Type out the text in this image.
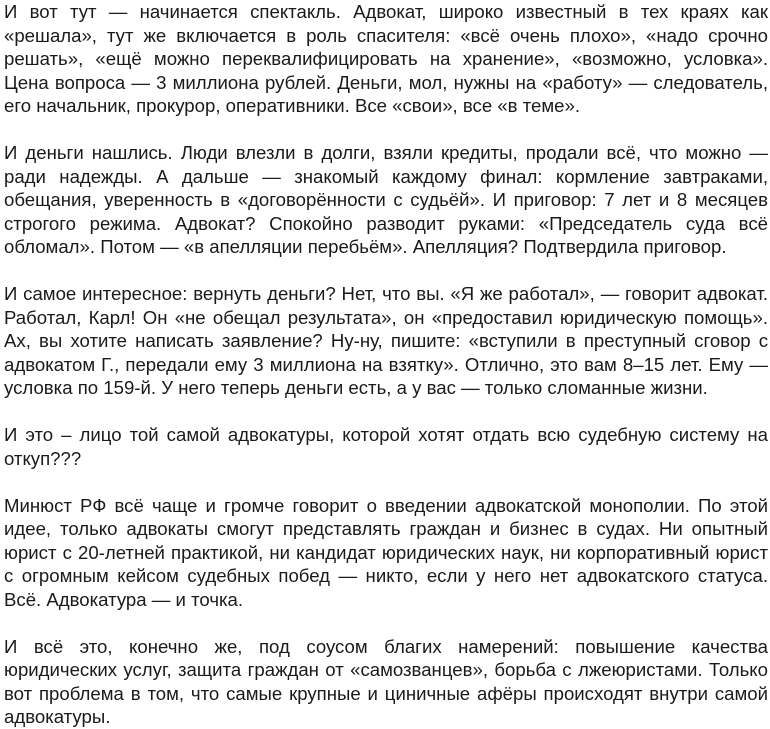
И вот тут — начинается спектакль. Адвокат, широко известный в тех краях как «решала», тут же включается в роль спасителя: «всё очень плохо», «надо срочно решать», «ещё можно переквалифицировать на хранение», «возможно, условка». Цена вопроса — 3 миллиона рублей. Деньги, мол, нужны на «работу» — следователь, его начальник, прокурор, оперативники. Все «свои», все «в теме».

И деньги нашлись. Люди влезли в долги, взяли кредиты, продали всё, что можно — ради надежды. А дальше — знакомый каждому финал: кормление завтраками, обещания, уверенность в «договорённости с судьёй». И приговор: 7 лет и 8 месяцев строгого режима. Адвокат? Спокойно разводит руками: «Председатель суда всё обломал». Потом — «в апелляции перебьём». Апелляция? Подтвердила приговор.

И самое интересное: вернуть деньги? Нет, что вы. «Я же работал», — говорит адвокат. Работал, Карл! Он «не обещал результата», он «предоставил юридическую помощь». Ах, вы хотите написать заявление? Ну-ну, пишите: «вступили в преступный сговор с адвокатом Г., передали ему 3 миллиона на взятку». Отлично, это вам 8–15 лет. Ему — условка по 159-й. У него теперь деньги есть, а у вас — только сломанные жизни.

И это – лицо той самой адвокатуры, которой хотят отдать всю судебную систему на откуп???

Минюст РФ всё чаще и громче говорит о введении адвокатской монополии. По этой идее, только адвокаты смогут представлять граждан и бизнес в судах. Ни опытный юрист с 20-летней практикой, ни кандидат юридических наук, ни корпоративный юрист с огромным кейсом судебных побед — никто, если у него нет адвокатского статуса. Всё. Адвокатура — и точка.

И всё это, конечно же, под соусом благих намерений: повышение качества юридических услуг, защита граждан от «самозванцев», борьба с лжеюристами. Только вот проблема в том, что самые крупные и циничные афёры происходят внутри самой адвокатуры.
